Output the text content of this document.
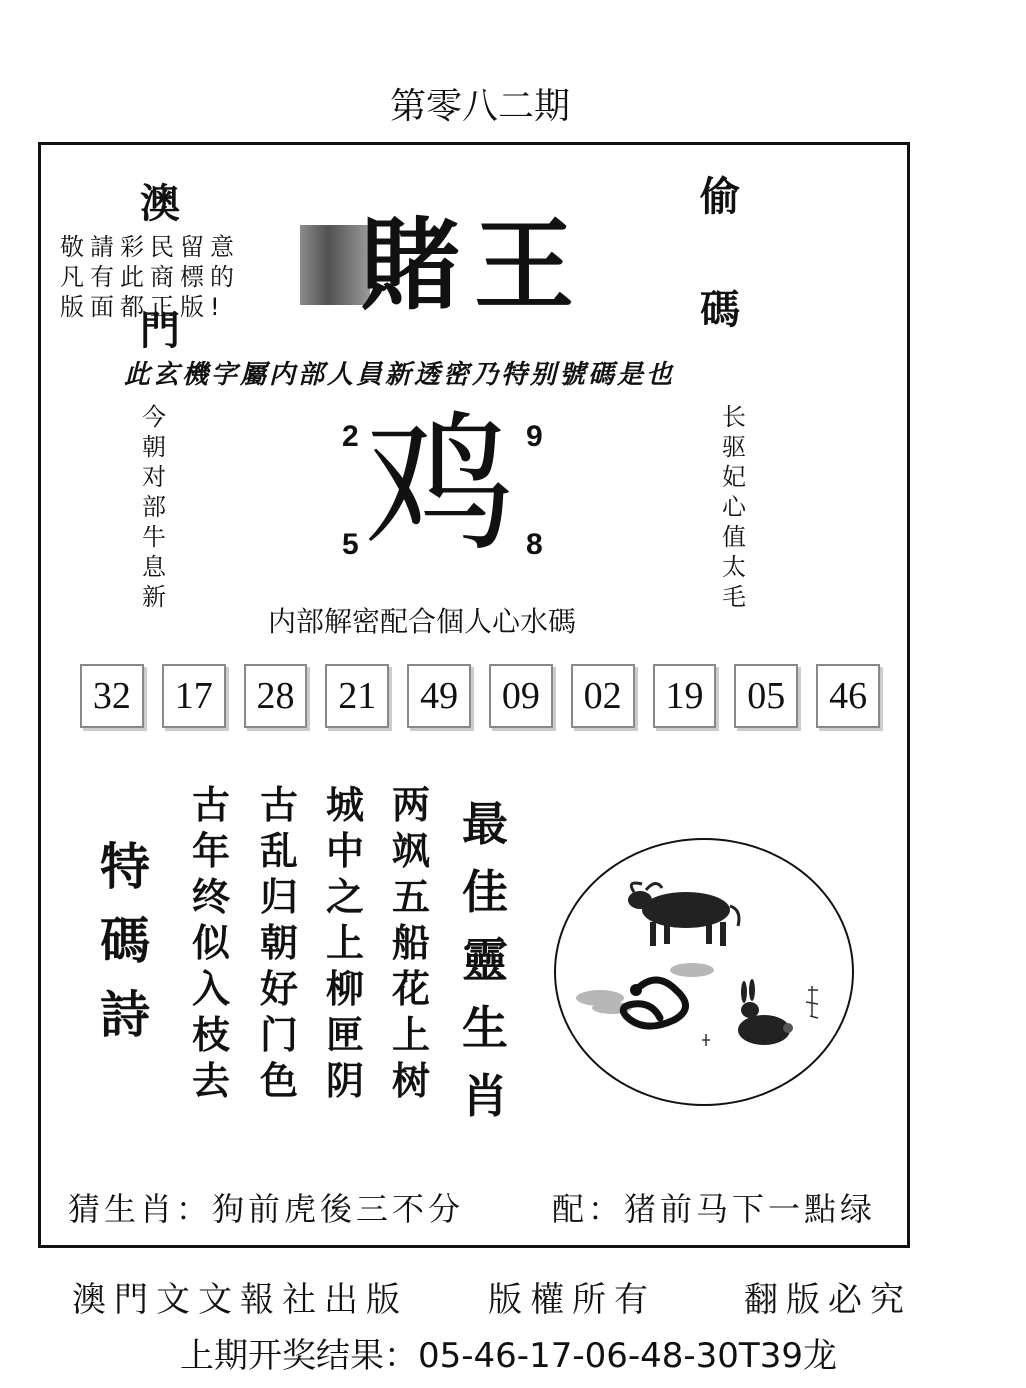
第零八二期
澳
門
偷
碼
敬請彩民留意
凡有此商標的
版面都正版! 賭王
此玄機字屬内部人員新透密乃特别號碼是也
今
朝
对
部
牛
息
新
长
驱
妃
心
值
太
毛
2	9
5	8
鸡
内部解密配合個人心水碼
32	17	28	21	49	09	02	19	05	46
特
碼
詩
古
年
终
似
入
枝
去
古
乱
归
朝
好
门
色
城
中
之
上
柳
匣
阴
两
飒
五
船
花
上
树
最
佳
靈
生
肖
猜生肖：狗前虎後三不分	配：猪前马下一點绿
澳門文文報社出版 版權所有	翻版必究
上期开奖结果：05-46-17-06-48-30T39龙
